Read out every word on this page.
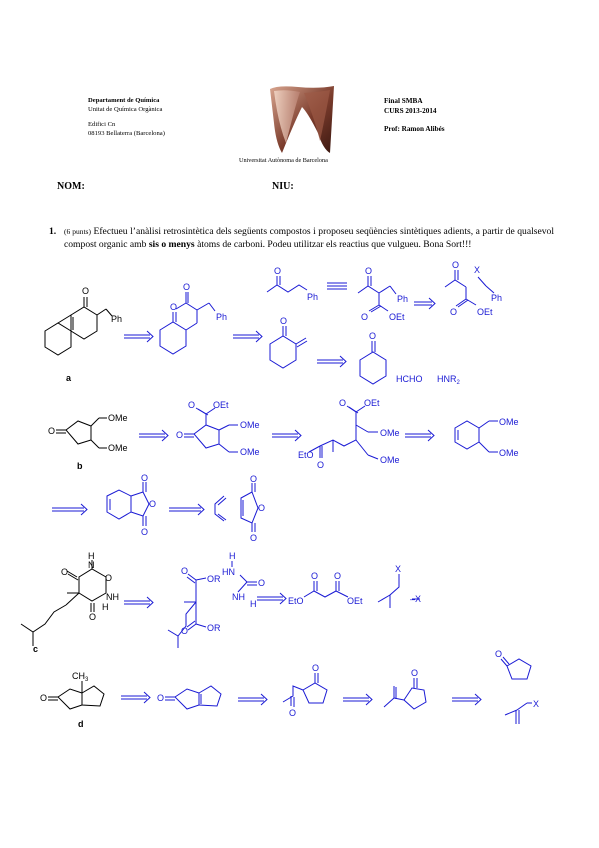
Departament de Química
Unitat de Química Orgànica
Edifici Cn
08193 Bellaterra (Barcelona)
Universitat Autònoma de Barcelona
Final SMBA
CURS 2013-2014
Prof: Ramon Alibés
NOM:	NIU:
1. (6 punts) Efectueu l’anàlisi retrosintètica dels següents compostos i proposeu seqüències sintètiques adients, a partir de qualsevol compost organic amb sis o menys àtoms de carboni. Podeu utilitzar els reactius que vulgueu. Bona Sort!!!
O
Ph
a
O
O
Ph
O
Ph
O
Ph
O OEt
O X
Ph
O OEt
O
O
HCHO $HNR_2$
O
OMe
OMe
b
O
O OEt
OMe
OMe
O OEt
OMe
OMe
EtO
O
OMe
OMe
O
O
O
O
O
O
O
O
H
N
O
NH
H
c
O
OR
O OR
H
HN
O
NH
H	EtO
O O
OEt
X
–X
O
$CH_3$
d
O
O
O	O
O
X
